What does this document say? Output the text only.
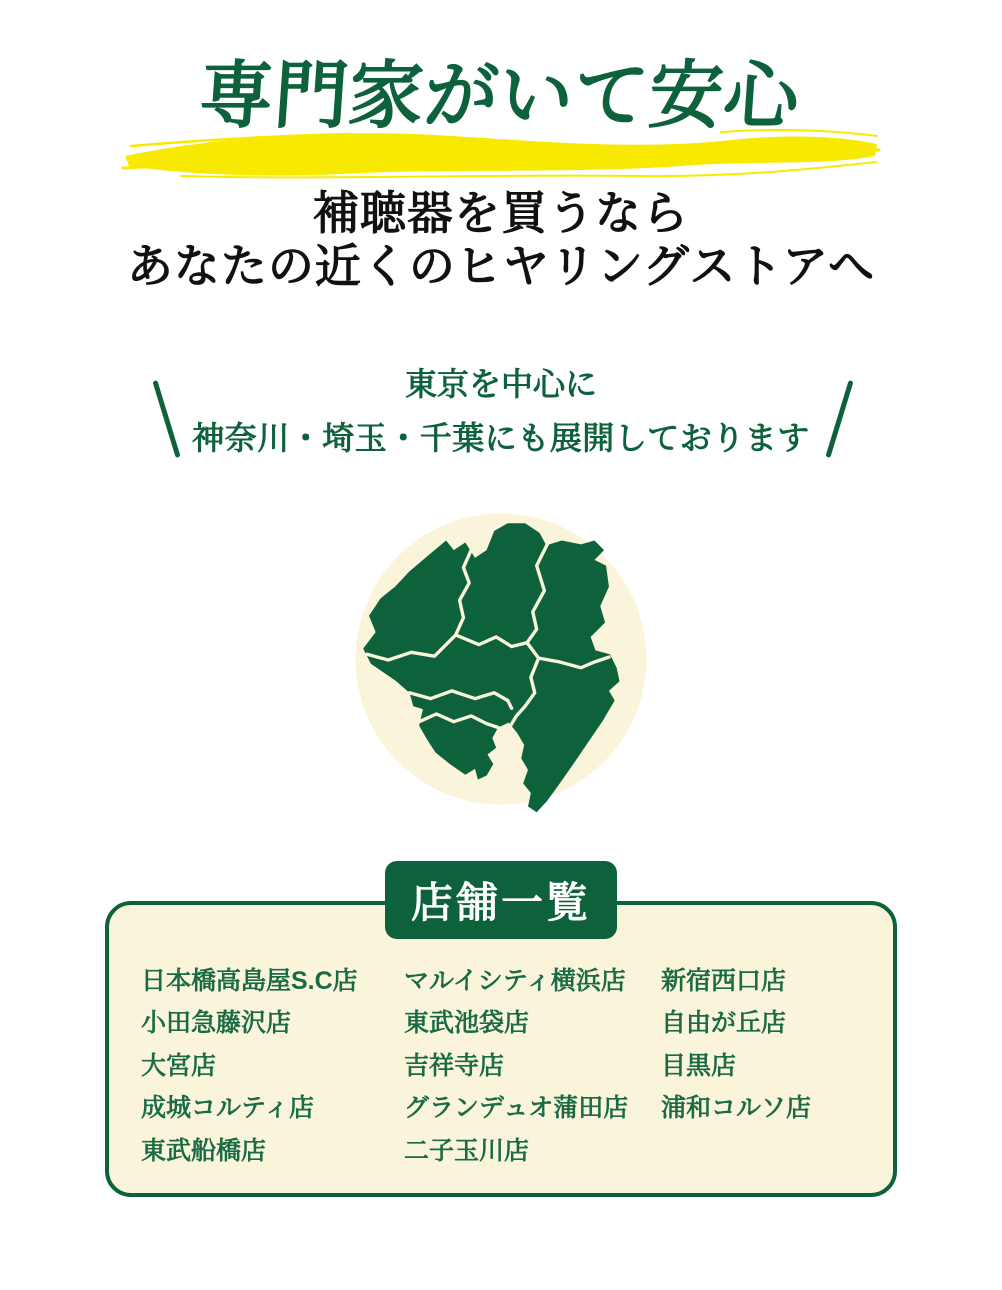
専門家がいて安心

補聴器を買うなら
あなたの近くのヒヤリングストアへ

東京を中心に

神奈川・埼玉・千葉にも展開しております

店舗一覧
日本橋高島屋S.C店
小田急藤沢店
大宮店
成城コルティ店
東武船橋店
マルイシティ横浜店
東武池袋店
吉祥寺店
グランデュオ蒲田店
二子玉川店
新宿西口店
自由が丘店
目黒店
浦和コルソ店
